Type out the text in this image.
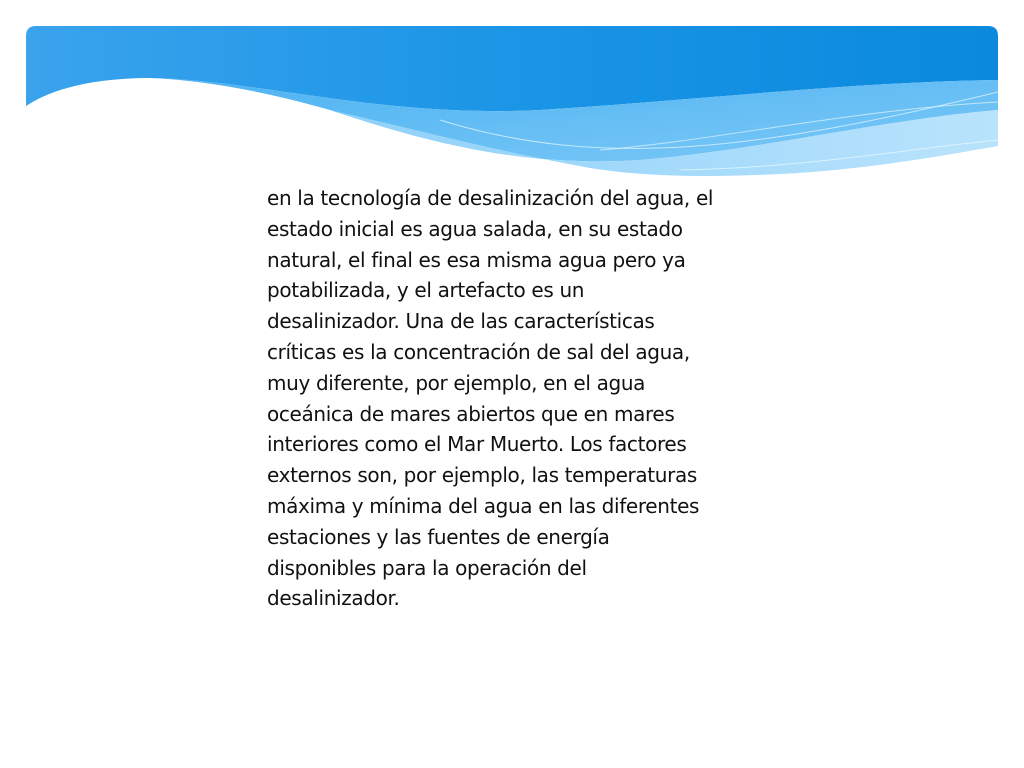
en la tecnología de desalinización del agua, el
estado inicial es agua salada, en su estado
natural, el final es esa misma agua pero ya
potabilizada, y el artefacto es un
desalinizador. Una de las características
críticas es la concentración de sal del agua,
muy diferente, por ejemplo, en el agua
oceánica de mares abiertos que en mares
interiores como el Mar Muerto. Los factores
externos son, por ejemplo, las temperaturas
máxima y mínima del agua en las diferentes
estaciones y las fuentes de energía
disponibles para la operación del
desalinizador.
